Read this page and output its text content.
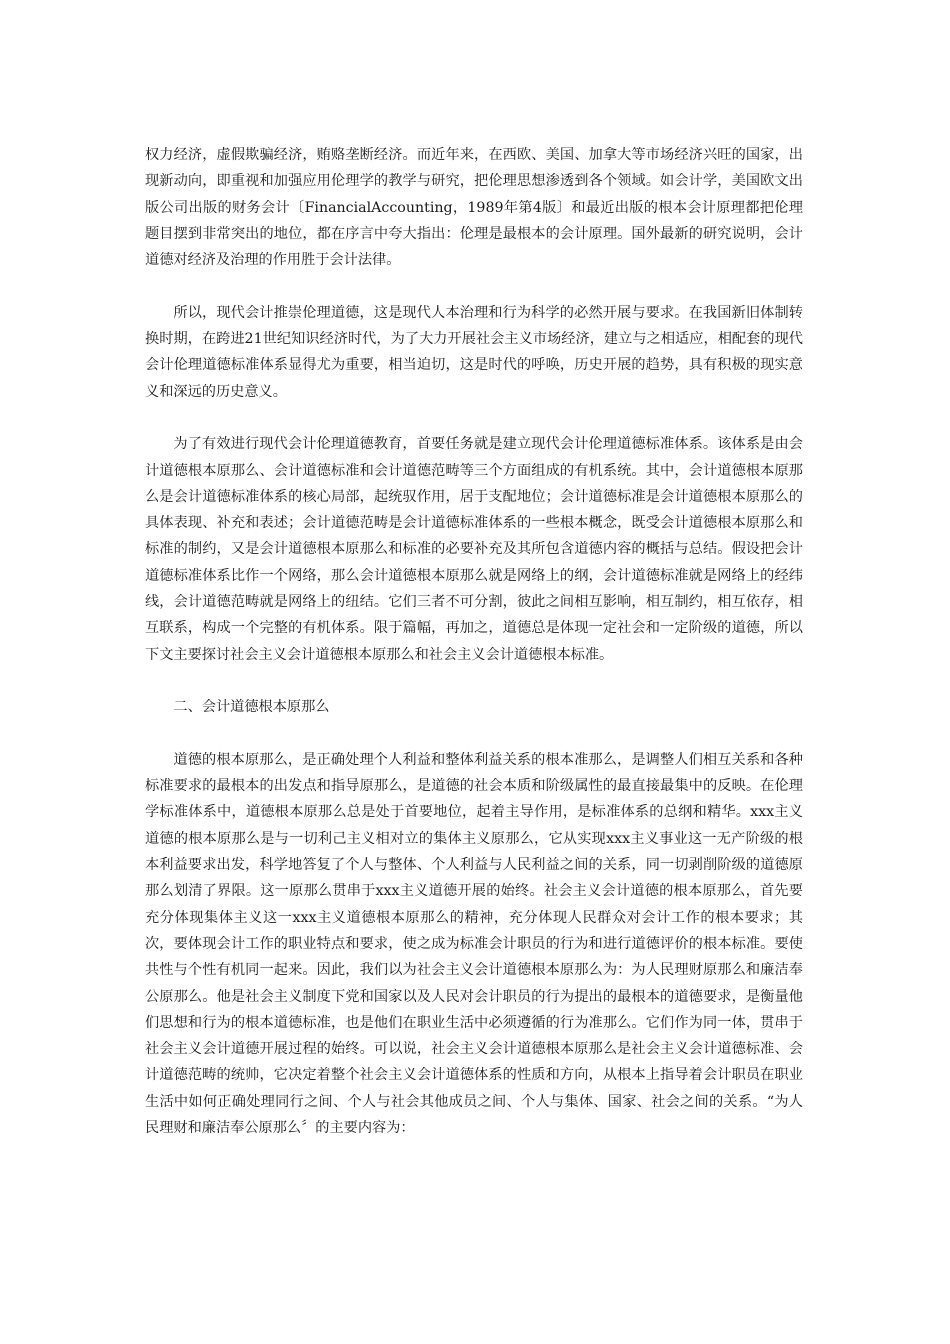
权力经济，虚假欺骗经济，贿赂垄断经济。而近年来，在西欧、美国、加拿大等市场经济兴旺的国家，出现新动向，即重视和加强应用伦理学的教学与研究，把伦理思想渗透到各个领域。如会计学，美国欧文出版公司出版的财务会计〔FinancialAccounting，1989年第4版〕和最近出版的根本会计原理都把伦理题目摆到非常突出的地位，都在序言中夸大指出：伦理是最根本的会计原理。国外最新的研究说明，会计道德对经济及治理的作用胜于会计法律。

所以，现代会计推崇伦理道德，这是现代人本治理和行为科学的必然开展与要求。在我国新旧体制转换时期，在跨进21世纪知识经济时代，为了大力开展社会主义市场经济，建立与之相适应，相配套的现代会计伦理道德标准体系显得尤为重要，相当迫切，这是时代的呼唤，历史开展的趋势，具有积极的现实意义和深远的历史意义。

为了有效进行现代会计伦理道德教育，首要任务就是建立现代会计伦理道德标准体系。该体系是由会计道德根本原那么、会计道德标准和会计道德范畴等三个方面组成的有机系统。其中，会计道德根本原那么是会计道德标准体系的核心局部，起统驭作用，居于支配地位；会计道德标准是会计道德根本原那么的具体表现、补充和表述；会计道德范畴是会计道德标准体系的一些根本概念，既受会计道德根本原那么和标准的制约，又是会计道德根本原那么和标准的必要补充及其所包含道德内容的概括与总结。假设把会计道德标准体系比作一个网络，那么会计道德根本原那么就是网络上的纲，会计道德标准就是网络上的经纬线，会计道德范畴就是网络上的纽结。它们三者不可分割，彼此之间相互影响，相互制约，相互依存，相互联系，构成一个完整的有机体系。限于篇幅，再加之，道德总是体现一定社会和一定阶级的道德，所以下文主要探讨社会主义会计道德根本原那么和社会主义会计道德根本标准。

二、会计道德根本原那么

道德的根本原那么，是正确处理个人利益和整体利益关系的根本准那么，是调整人们相互关系和各种标准要求的最根本的出发点和指导原那么，是道德的社会本质和阶级属性的最直接最集中的反映。在伦理学标准体系中，道德根本原那么总是处于首要地位，起着主导作用，是标准体系的总纲和精华。xxx主义道德的根本原那么是与一切利己主义相对立的集体主义原那么，它从实现xxx主义事业这一无产阶级的根本利益要求出发，科学地答复了个人与整体、个人利益与人民利益之间的关系，同一切剥削阶级的道德原那么划清了界限。这一原那么贯串于xxx主义道德开展的始终。社会主义会计道德的根本原那么，首先要充分体现集体主义这一xxx主义道德根本原那么的精神，充分体现人民群众对会计工作的根本要求；其次，要体现会计工作的职业特点和要求，使之成为标准会计职员的行为和进行道德评价的根本标准。要使共性与个性有机同一起来。因此，我们以为社会主义会计道德根本原那么为：为人民理财原那么和廉洁奉公原那么。他是社会主义制度下党和国家以及人民对会计职员的行为提出的最根本的道德要求，是衡量他们思想和行为的根本道德标准，也是他们在职业生活中必须遵循的行为准那么。它们作为同一体，贯串于社会主义会计道德开展过程的始终。可以说，社会主义会计道德根本原那么是社会主义会计道德标准、会计道德范畴的统帅，它决定着整个社会主义会计道德体系的性质和方向，从根本上指导着会计职员在职业生活中如何正确处理同行之间、个人与社会其他成员之间、个人与集体、国家、社会之间的关系。“为人民理财和廉洁奉公原那么〞的主要内容为：
